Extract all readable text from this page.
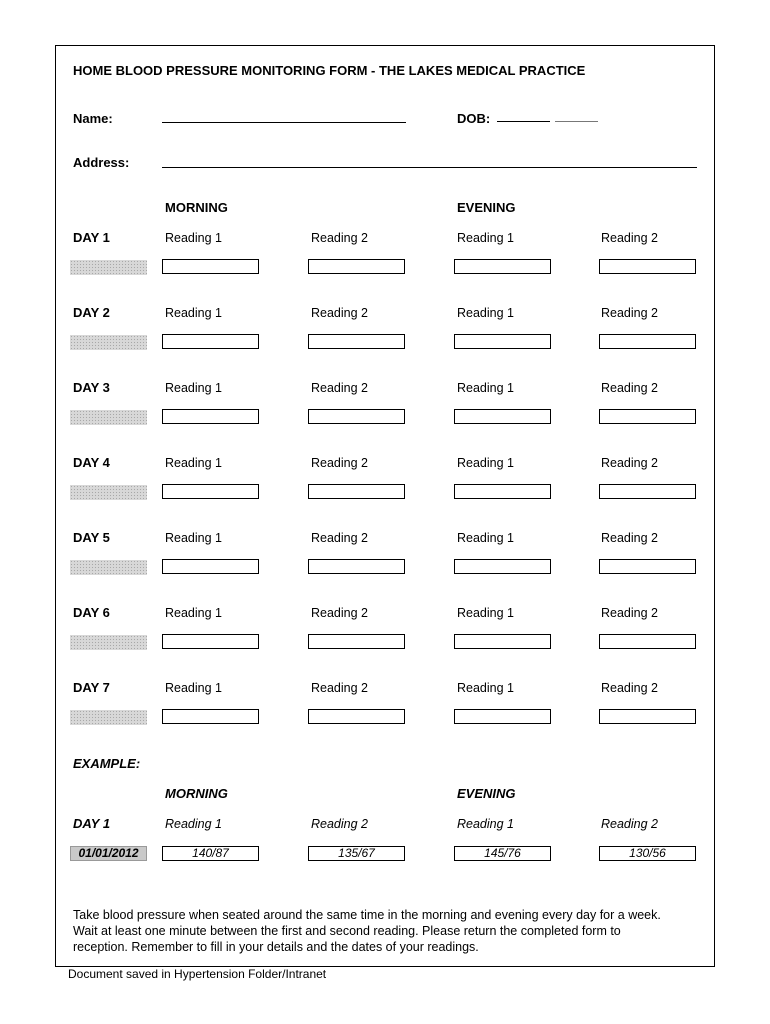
HOME BLOOD PRESSURE MONITORING FORM - THE LAKES MEDICAL PRACTICE
Name:	DOB:
Address:
MORNING	EVENING
DAY 1	Reading 1	Reading 2	Reading 1	Reading 2
DAY 2	Reading 1	Reading 2	Reading 1	Reading 2
DAY 3	Reading 1	Reading 2	Reading 1	Reading 2
DAY 4	Reading 1	Reading 2	Reading 1	Reading 2
DAY 5	Reading 1	Reading 2	Reading 1	Reading 2
DAY 6	Reading 1	Reading 2	Reading 1	Reading 2
DAY 7	Reading 1	Reading 2	Reading 1	Reading 2
EXAMPLE:
MORNING	EVENING
DAY 1	Reading 1	Reading 2	Reading 1	Reading 2
01/01/2012	140/87	135/67	145/76	130/56
Take blood pressure when seated around the same time in the morning and evening every day for a week. Wait at least one minute between the first and second reading. Please return the completed form to reception. Remember to fill in your details and the dates of your readings.
Document saved in Hypertension Folder/Intranet
